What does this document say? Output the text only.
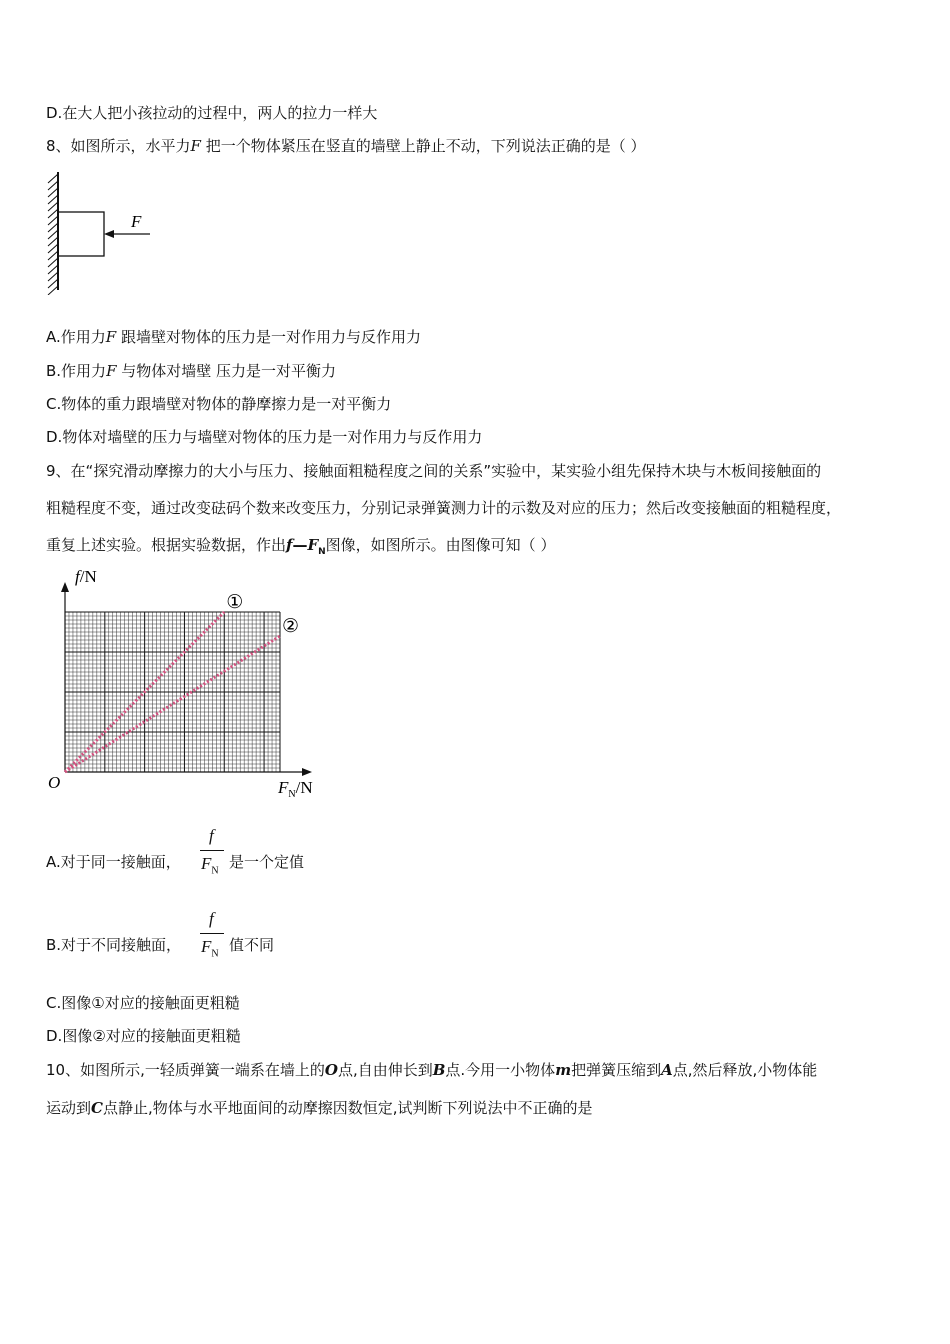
D.在大人把小孩拉动的过程中，两人的拉力一样大
8、如图所示，水平力F 把一个物体紧压在竖直的墙壁上静止不动，下列说法正确的是（ ）
F
A.作用力F 跟墙壁对物体的压力是一对作用力与反作用力
B.作用力F 与物体对墙壁 压力是一对平衡力
C.物体的重力跟墙壁对物体的静摩擦力是一对平衡力
D.物体对墙壁的压力与墙壁对物体的压力是一对作用力与反作用力
9、在“探究滑动摩擦力的大小与压力、接触面粗糙程度之间的关系”实验中，某实验小组先保持木块与木板间接触面的
粗糙程度不变，通过改变砝码个数来改变压力，分别记录弹簧测力计的示数及对应的压力；然后改变接触面的粗糙程度，
重复上述实验。根据实验数据，作出$f—F_N$图像，如图所示。由图像可知（ ）
①
②
f/N
$F_N/N$
O
A.对于同一接触面，
f
$F_N$ 是一个定值
B.对于不同接触面，
f
$F_N$ 值不同
C.图像①对应的接触面更粗糙
D.图像②对应的接触面更粗糙
10、如图所示,一轻质弹簧一端系在墙上的O点,自由伸长到B点.今用一小物体m把弹簧压缩到A点,然后释放,小物体能
运动到C点静止,物体与水平地面间的动摩擦因数恒定,试判断下列说法中不正确的是
